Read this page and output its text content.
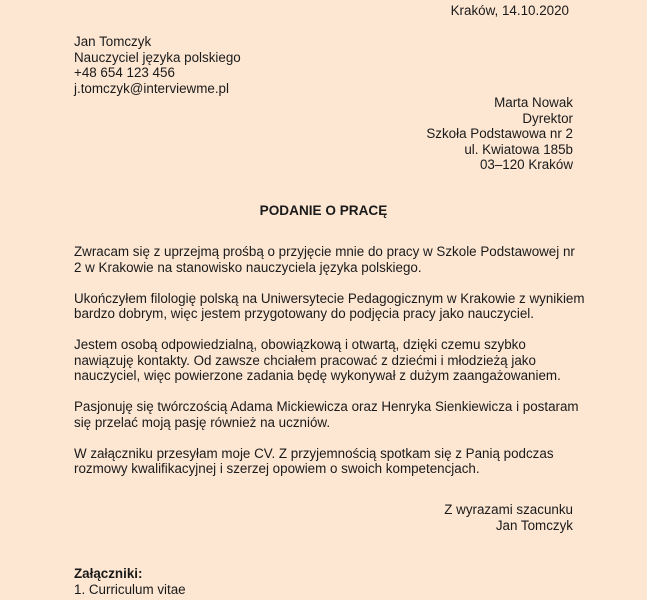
Kraków, 14.10.2020
Jan Tomczyk
Nauczyciel języka polskiego
+48 654 123 456
j.tomczyk@interviewme.pl
Marta Nowak
Dyrektor
Szkoła Podstawowa nr 2
ul. Kwiatowa 185b
03–120 Kraków
PODANIE O PRACĘ

Zwracam się z uprzejmą prośbą o przyjęcie mnie do pracy w Szkole Podstawowej nr
2 w Krakowie na stanowisko nauczyciela języka polskiego.

Ukończyłem filologię polską na Uniwersytecie Pedagogicznym w Krakowie z wynikiem
bardzo dobrym, więc jestem przygotowany do podjęcia pracy jako nauczyciel.

Jestem osobą odpowiedzialną, obowiązkową i otwartą, dzięki czemu szybko
nawiązuję kontakty. Od zawsze chciałem pracować z dziećmi i młodzieżą jako
nauczyciel, więc powierzone zadania będę wykonywał z dużym zaangażowaniem.

Pasjonuję się twórczością Adama Mickiewicza oraz Henryka Sienkiewicza i postaram
się przelać moją pasję również na uczniów.

W załączniku przesyłam moje CV. Z przyjemnością spotkam się z Panią podczas
rozmowy kwalifikacyjnej i szerzej opowiem o swoich kompetencjach.

Z wyrazami szacunku
Jan Tomczyk
Załączniki:
1. Curriculum vitae
